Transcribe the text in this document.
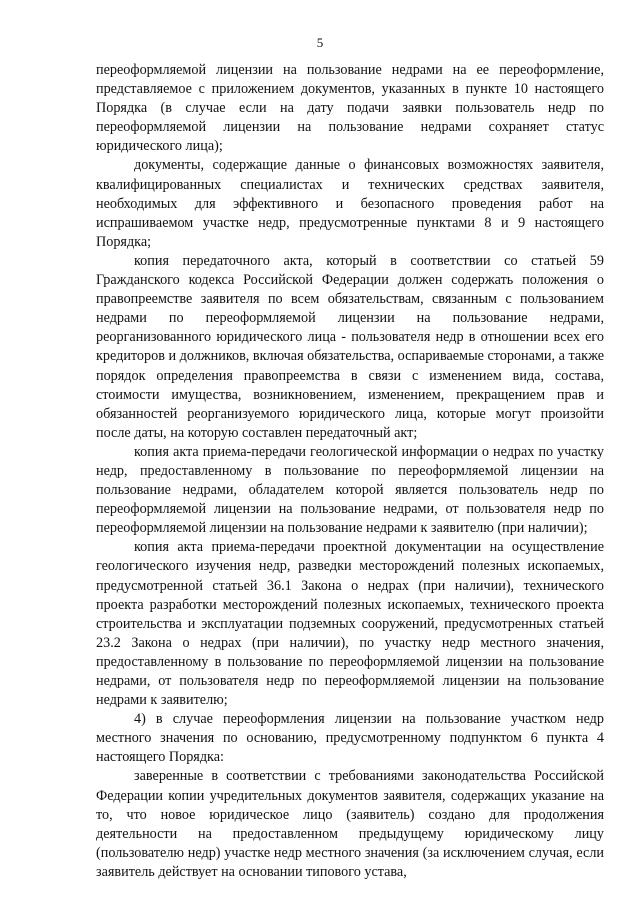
5

переоформляемой лицензии на пользование недрами на ее переоформление, представляемое с приложением документов, указанных в пункте 10 настоящего Порядка (в случае если на дату подачи заявки пользователь недр по переоформляемой лицензии на пользование недрами сохраняет статус юридического лица);

документы, содержащие данные о финансовых возможностях заявителя, квалифицированных специалистах и технических средствах заявителя, необходимых для эффективного и безопасного проведения работ на испрашиваемом участке недр, предусмотренные пунктами 8 и 9 настоящего Порядка;

копия передаточного акта, который в соответствии со статьей 59 Гражданского кодекса Российской Федерации должен содержать положения о правопреемстве заявителя по всем обязательствам, связанным с пользованием недрами по переоформляемой лицензии на пользование недрами, реорганизованного юридического лица - пользователя недр в отношении всех его кредиторов и должников, включая обязательства, оспариваемые сторонами, а также порядок определения правопреемства в связи с изменением вида, состава, стоимости имущества, возникновением, изменением, прекращением прав и обязанностей реорганизуемого юридического лица, которые могут произойти после даты, на которую составлен передаточный акт;

копия акта приема-передачи геологической информации о недрах по участку недр, предоставленному в пользование по переоформляемой лицензии на пользование недрами, обладателем которой является пользователь недр по переоформляемой лицензии на пользование недрами, от пользователя недр по переоформляемой лицензии на пользование недрами к заявителю (при наличии);

копия акта приема-передачи проектной документации на осуществление геологического изучения недр, разведки месторождений полезных ископаемых, предусмотренной статьей 36.1 Закона о недрах (при наличии), технического проекта разработки месторождений полезных ископаемых, технического проекта строительства и эксплуатации подземных сооружений, предусмотренных статьей 23.2 Закона о недрах (при наличии), по участку недр местного значения, предоставленному в пользование по переоформляемой лицензии на пользование недрами, от пользователя недр по переоформляемой лицензии на пользование недрами к заявителю;

4) в случае переоформления лицензии на пользование участком недр местного значения по основанию, предусмотренному подпунктом 6 пункта 4 настоящего Порядка:

заверенные в соответствии с требованиями законодательства Российской Федерации копии учредительных документов заявителя, содержащих указание на то, что новое юридическое лицо (заявитель) создано для продолжения деятельности на предоставленном предыдущему юридическому лицу (пользователю недр) участке недр местного значения (за исключением случая, если заявитель действует на основании типового устава,
